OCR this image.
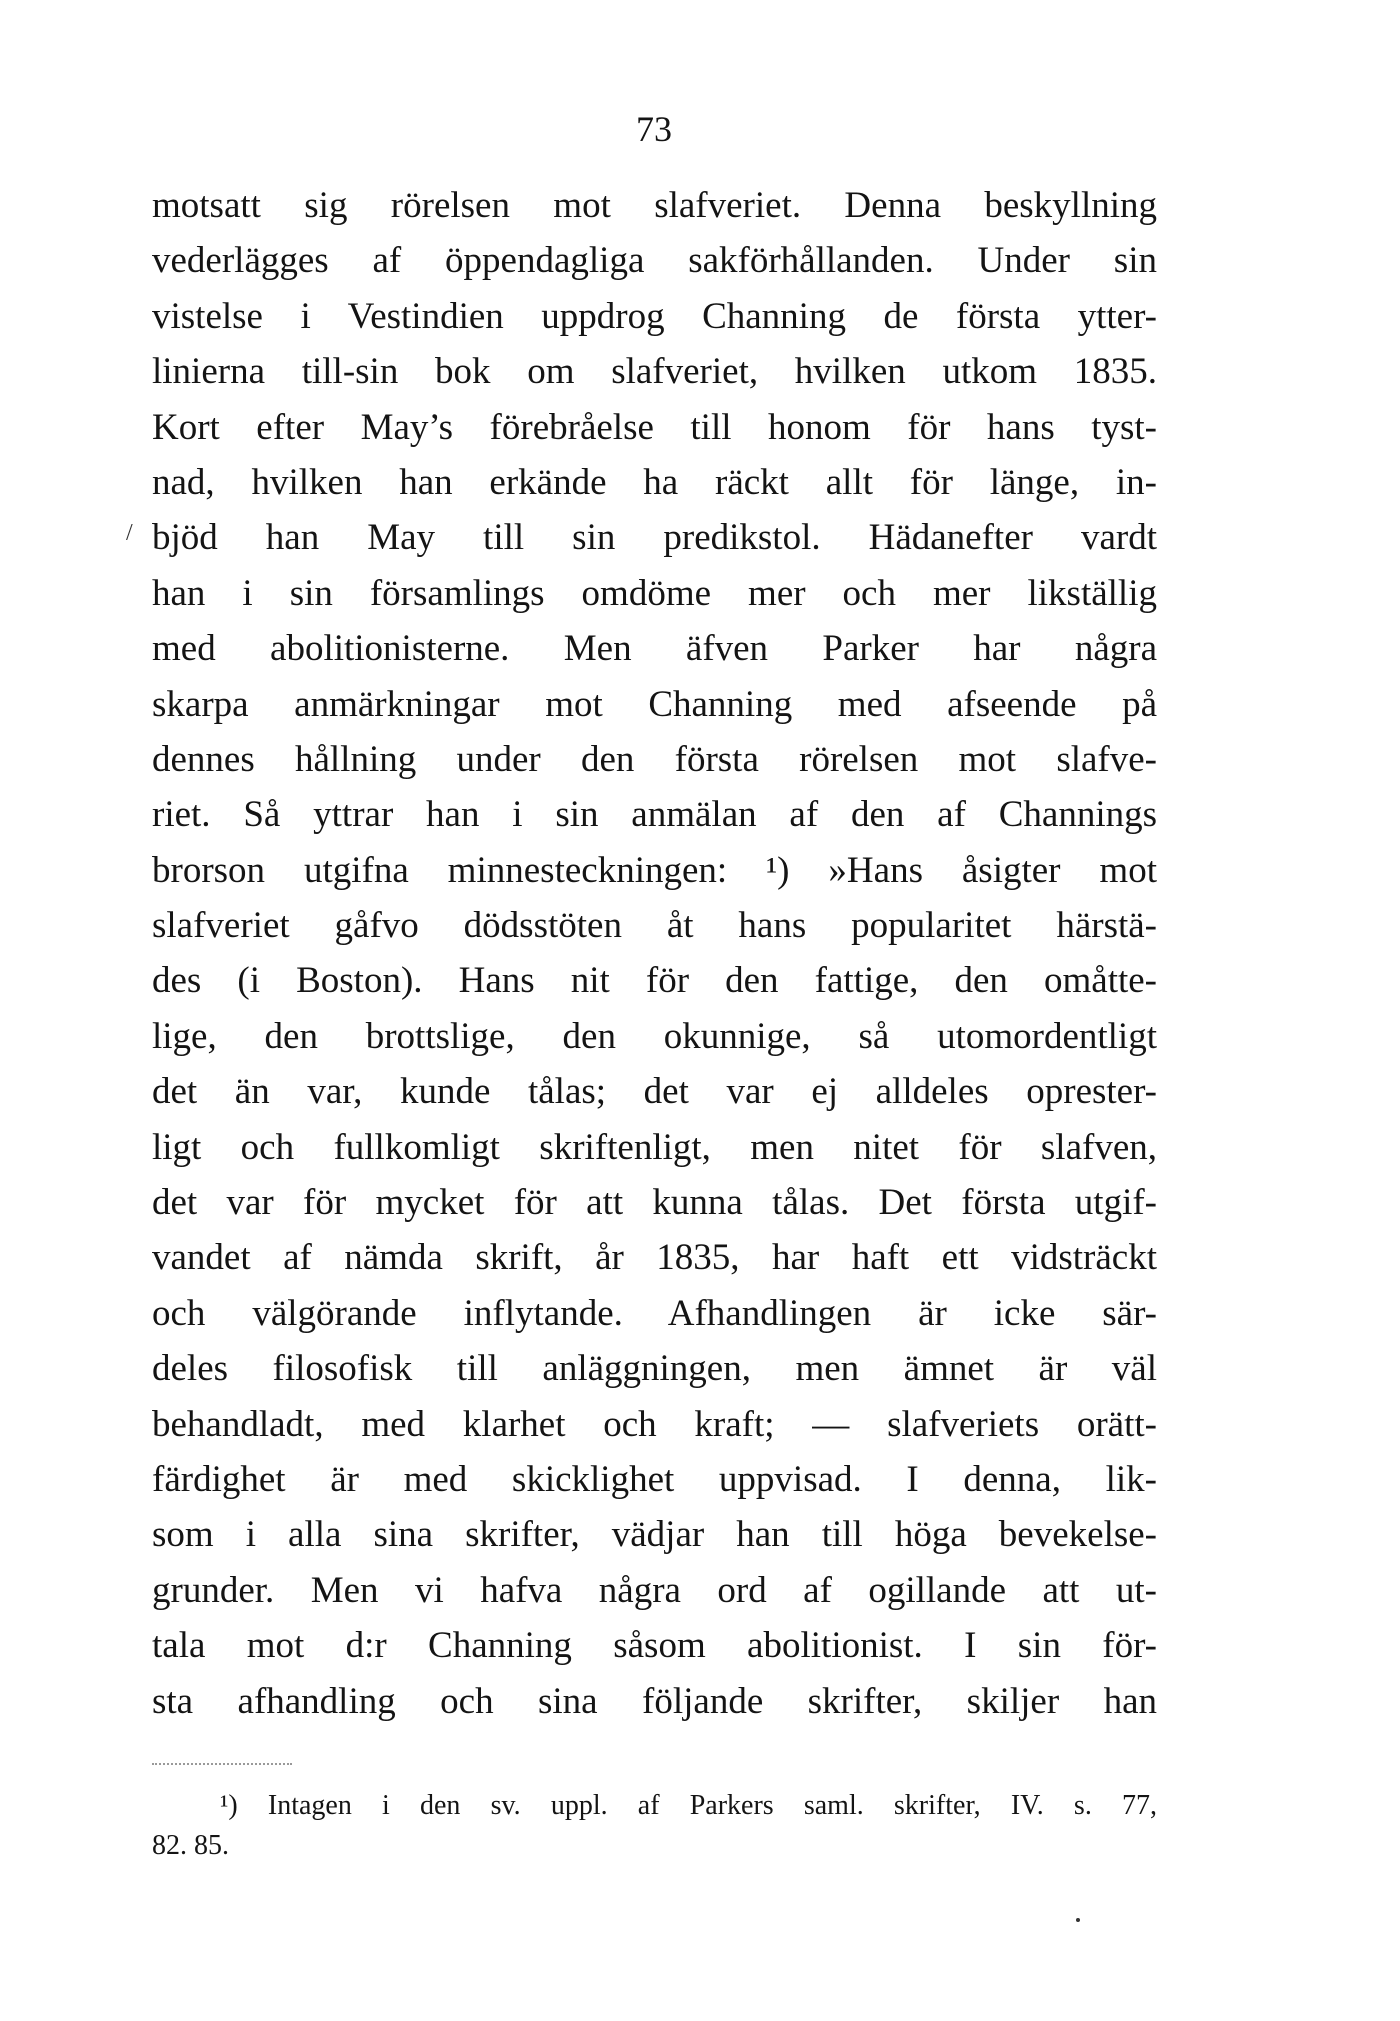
73
/
motsatt sig rörelsen mot slafveriet. Denna beskyllning
vederlägges af öppendagliga sakförhållanden. Under sin
vistelse i Vestindien uppdrog Channing de första ytter-
linierna till-sin bok om slafveriet, hvilken utkom 1835.
Kort efter May’s förebråelse till honom för hans tyst-
nad, hvilken han erkände ha räckt allt för länge, in-
bjöd han May till sin predikstol. Hädanefter vardt
han i sin församlings omdöme mer och mer likställig
med abolitionisterne. Men äfven Parker har några
skarpa anmärkningar mot Channing med afseende på
dennes hållning under den första rörelsen mot slafve-
riet. Så yttrar han i sin anmälan af den af Channings
brorson utgifna minnesteckningen: ¹) »Hans åsigter mot
slafveriet gåfvo dödsstöten åt hans popularitet härstä-
des (i Boston). Hans nit för den fattige, den omåtte-
lige, den brottslige, den okunnige, så utomordentligt
det än var, kunde tålas; det var ej alldeles oprester-
ligt och fullkomligt skriftenligt, men nitet för slafven,
det var för mycket för att kunna tålas. Det första utgif-
vandet af nämda skrift, år 1835, har haft ett vidsträckt
och välgörande inflytande. Afhandlingen är icke sär-
deles filosofisk till anläggningen, men ämnet är väl
behandladt, med klarhet och kraft; — slafveriets orätt-
färdighet är med skicklighet uppvisad. I denna, lik-
som i alla sina skrifter, vädjar han till höga bevekelse-
grunder. Men vi hafva några ord af ogillande att ut-
tala mot d:r Channing såsom abolitionist. I sin för-
sta afhandling och sina följande skrifter, skiljer han
¹) Intagen i den sv. uppl. af Parkers saml. skrifter, IV. s. 77,
82. 85.
